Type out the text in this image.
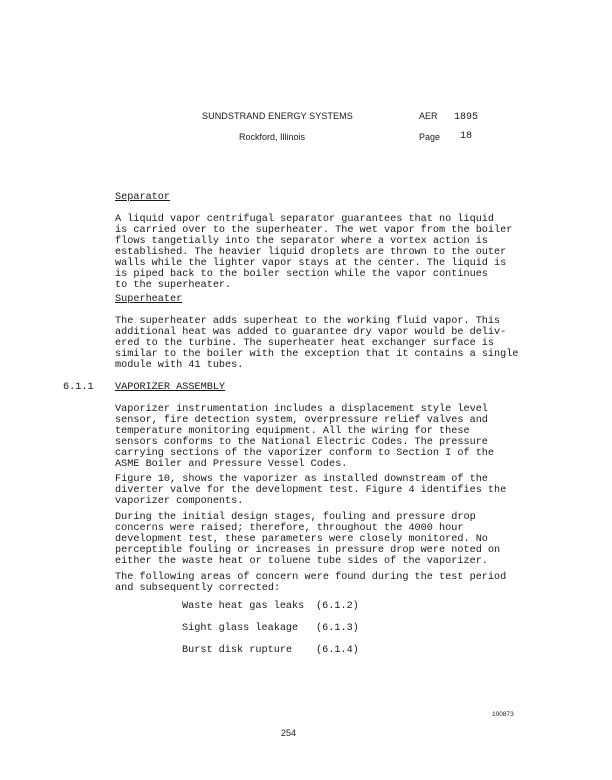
SUNDSTRAND ENERGY SYSTEMS
Rockford, Illinois
AER 1895
Page 18
Separator
A liquid vapor centrifugal separator guarantees that no liquid
is carried over to the superheater. The wet vapor from the boiler
flows tangetially into the separator where a vortex action is
established. The heavier liquid droplets are thrown to the outer
walls while the lighter vapor stays at the center. The liquid is
is piped back to the boiler section while the vapor continues
to the superheater.
Superheater
The superheater adds superheat to the working fluid vapor. This
additional heat was added to guarantee dry vapor would be deliv-
ered to the turbine. The superheater heat exchanger surface is
similar to the boiler with the exception that it contains a single
module with 41 tubes.
6.1.1 VAPORIZER ASSEMBLY
Vaporizer instrumentation includes a displacement style level
sensor, fire detection system, overpressure relief valves and
temperature monitoring equipment. All the wiring for these
sensors conforms to the National Electric Codes. The pressure
carrying sections of the vaporizer conform to Section I of the
ASME Boiler and Pressure Vessel Codes.
Figure 10, shows the vaporizer as installed downstream of the
diverter valve for the development test. Figure 4 identifies the
vaporizer components.
During the initial design stages, fouling and pressure drop
concerns were raised; therefore, throughout the 4000 hour
development test, these parameters were closely monitored. No
perceptible fouling or increases in pressure drop were noted on
either the waste heat or toluene tube sides of the vaporizer.
The following areas of concern were found during the test period
and subsequently corrected:
Waste heat gas leaks (6.1.2)
Sight glass leakage (6.1.3)
Burst disk rupture (6.1.4)
100873
254
